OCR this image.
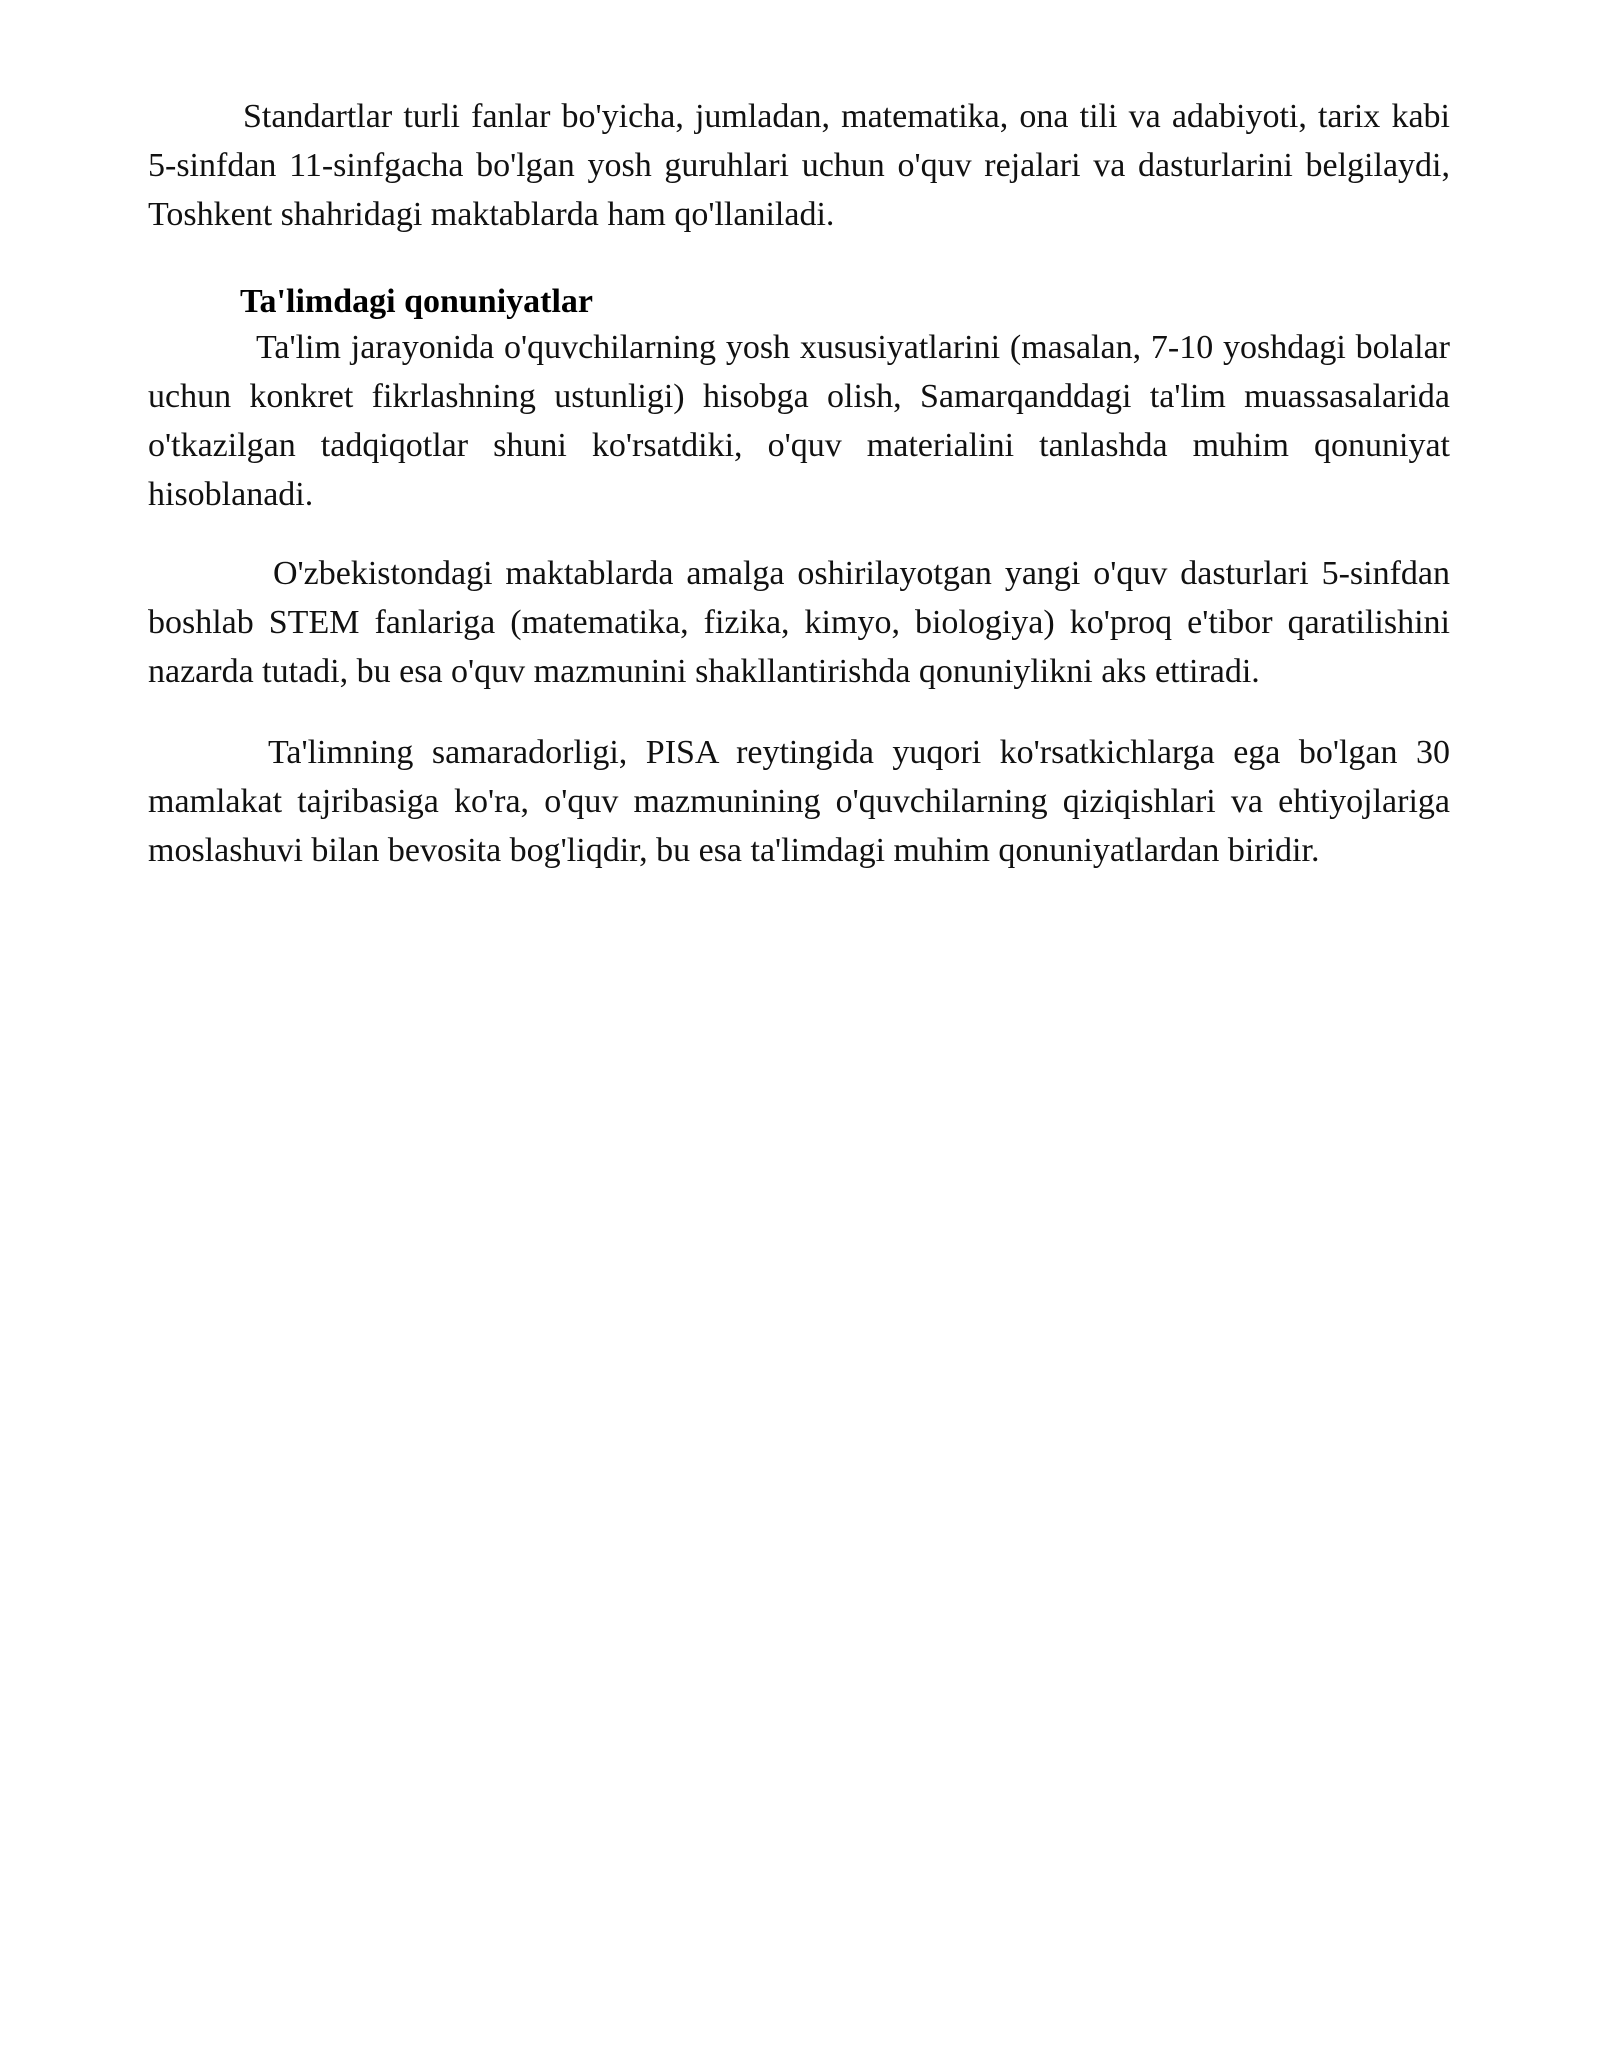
Standartlar turli fanlar bo'yicha, jumladan, matematika, ona tili va adabiyoti, tarix kabi 5-sinfdan 11-sinfgacha bo'lgan yosh guruhlari uchun o'quv rejalari va dasturlarini belgilaydi, Toshkent shahridagi maktablarda ham qo'llaniladi.

Ta'limdagi qonuniyatlar

Ta'lim jarayonida o'quvchilarning yosh xususiyatlarini (masalan, 7-10 yoshdagi bolalar uchun konkret fikrlashning ustunligi) hisobga olish, Samarqanddagi ta'lim muassasalarida o'tkazilgan tadqiqotlar shuni ko'rsatdiki, o'quv materialini tanlashda muhim qonuniyat hisoblanadi.

O'zbekistondagi maktablarda amalga oshirilayotgan yangi o'quv dasturlari 5-sinfdan boshlab STEM fanlariga (matematika, fizika, kimyo, biologiya) ko'proq e'tibor qaratilishini nazarda tutadi, bu esa o'quv mazmunini shakllantirishda qonuniylikni aks ettiradi.

Ta'limning samaradorligi, PISA reytingida yuqori ko'rsatkichlarga ega bo'lgan 30 mamlakat tajribasiga ko'ra, o'quv mazmunining o'quvchilarning qiziqishlari va ehtiyojlariga moslashuvi bilan bevosita bog'liqdir, bu esa ta'limdagi muhim qonuniyatlardan biridir.
